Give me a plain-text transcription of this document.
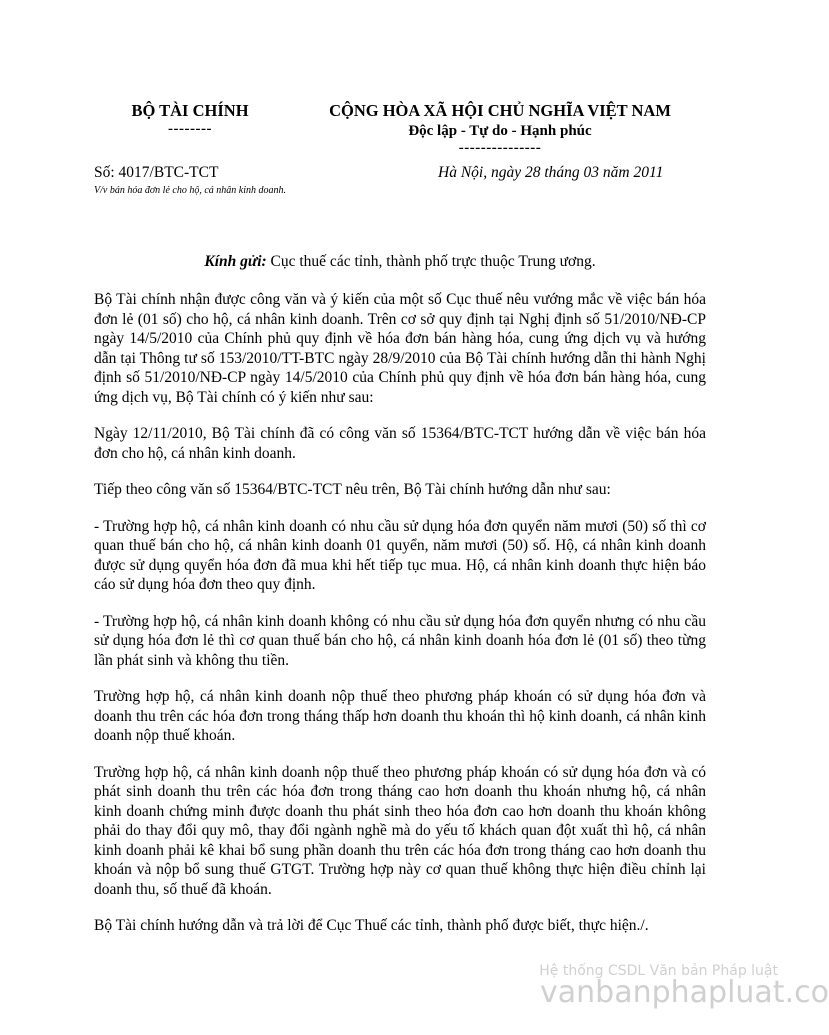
BỘ TÀI CHÍNH
--------
CỘNG HÒA XÃ HỘI CHỦ NGHĨA VIỆT NAM
Độc lập - Tự do - Hạnh phúc
---------------
Số: 4017/BTC-TCT
V/v bán hóa đơn lẻ cho hộ, cá nhân kinh doanh.
Hà Nội, ngày 28 tháng 03 năm 2011
Kính gửi: Cục thuế các tỉnh, thành phố trực thuộc Trung ương.

Bộ Tài chính nhận được công văn và ý kiến của một số Cục thuế nêu vướng mắc về việc bán hóa đơn lẻ (01 số) cho hộ, cá nhân kinh doanh. Trên cơ sở quy định tại Nghị định số 51/2010/NĐ-CP ngày 14/5/2010 của Chính phủ quy định về hóa đơn bán hàng hóa, cung ứng dịch vụ và hướng dẫn tại Thông tư số 153/2010/TT-BTC ngày 28/9/2010 của Bộ Tài chính hướng dẫn thi hành Nghị định số 51/2010/NĐ-CP ngày 14/5/2010 của Chính phủ quy định về hóa đơn bán hàng hóa, cung ứng dịch vụ, Bộ Tài chính có ý kiến như sau:

Ngày 12/11/2010, Bộ Tài chính đã có công văn số 15364/BTC-TCT hướng dẫn về việc bán hóa đơn cho hộ, cá nhân kinh doanh.

Tiếp theo công văn số 15364/BTC-TCT nêu trên, Bộ Tài chính hướng dẫn như sau:

- Trường hợp hộ, cá nhân kinh doanh có nhu cầu sử dụng hóa đơn quyển năm mươi (50) số thì cơ quan thuế bán cho hộ, cá nhân kinh doanh 01 quyển, năm mươi (50) số. Hộ, cá nhân kinh doanh được sử dụng quyển hóa đơn đã mua khi hết tiếp tục mua. Hộ, cá nhân kinh doanh thực hiện báo cáo sử dụng hóa đơn theo quy định.

- Trường hợp hộ, cá nhân kinh doanh không có nhu cầu sử dụng hóa đơn quyển nhưng có nhu cầu sử dụng hóa đơn lẻ thì cơ quan thuế bán cho hộ, cá nhân kinh doanh hóa đơn lẻ (01 số) theo từng lần phát sinh và không thu tiền.

Trường hợp hộ, cá nhân kinh doanh nộp thuế theo phương pháp khoán có sử dụng hóa đơn và doanh thu trên các hóa đơn trong tháng thấp hơn doanh thu khoán thì hộ kinh doanh, cá nhân kinh doanh nộp thuế khoán.

Trường hợp hộ, cá nhân kinh doanh nộp thuế theo phương pháp khoán có sử dụng hóa đơn và có phát sinh doanh thu trên các hóa đơn trong tháng cao hơn doanh thu khoán nhưng hộ, cá nhân kinh doanh chứng minh được doanh thu phát sinh theo hóa đơn cao hơn doanh thu khoán không phải do thay đổi quy mô, thay đổi ngành nghề mà do yếu tố khách quan đột xuất thì hộ, cá nhân kinh doanh phải kê khai bổ sung phần doanh thu trên các hóa đơn trong tháng cao hơn doanh thu khoán và nộp bổ sung thuế GTGT. Trường hợp này cơ quan thuế không thực hiện điều chỉnh lại doanh thu, số thuế đã khoán.

Bộ Tài chính hướng dẫn và trả lời để Cục Thuế các tỉnh, thành phố được biết, thực hiện./.

Hệ thống CSDL Văn bản Pháp luật
vanbanphapluat.co
